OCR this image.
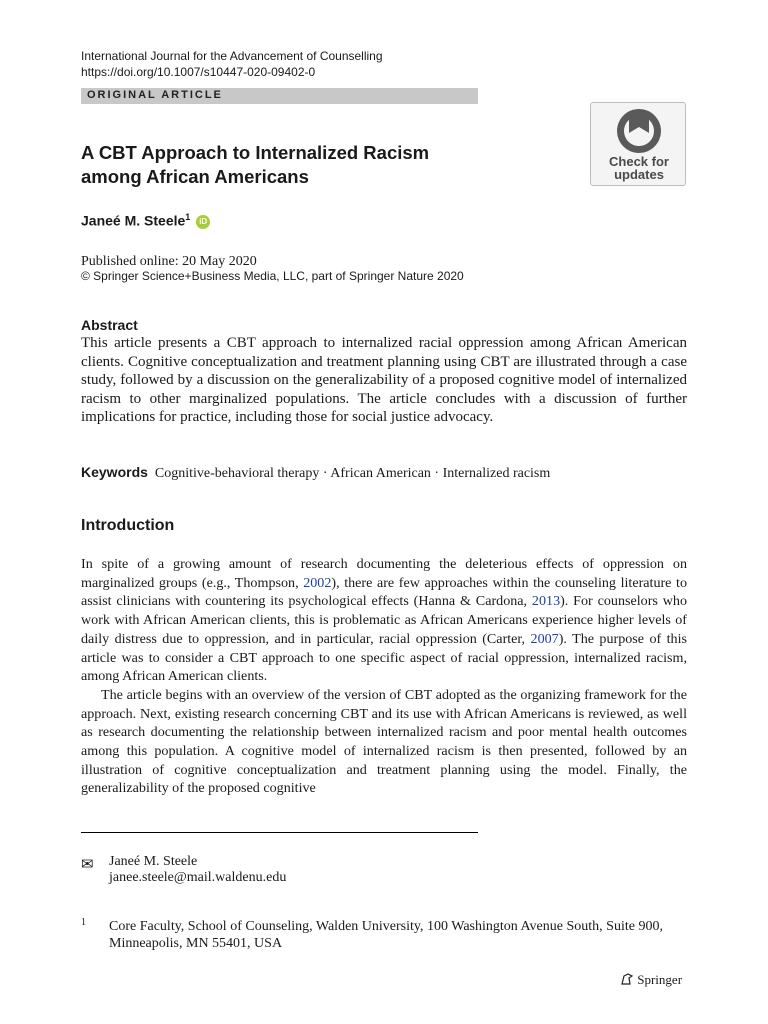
International Journal for the Advancement of Counselling
https://doi.org/10.1007/s10447-020-09402-0
ORIGINAL ARTICLE
Check for
updates
A CBT Approach to Internalized Racism
among African Americans
Janeé M. Steele$^1$ iD
Published online: 20 May 2020
© Springer Science+Business Media, LLC, part of Springer Nature 2020
Abstract
This article presents a CBT approach to internalized racial oppression among African American clients. Cognitive conceptualization and treatment planning using CBT are illustrated through a case study, followed by a discussion on the generalizability of a proposed cognitive model of internalized racism to other marginalized populations. The article concludes with a discussion of further implications for practice, including those for social justice advocacy.
Keywords Cognitive-behavioral therapy · African American · Internalized racism
Introduction

In spite of a growing amount of research documenting the deleterious effects of oppression on marginalized groups (e.g., Thompson, 2002), there are few approaches within the counseling literature to assist clinicians with countering its psychological effects (Hanna & Cardona, 2013). For counselors who work with African American clients, this is problematic as African Americans experience higher levels of daily distress due to oppression, and in particular, racial oppression (Carter, 2007). The purpose of this article was to consider a CBT approach to one specific aspect of racial oppression, internalized racism, among African American clients.

The article begins with an overview of the version of CBT adopted as the organizing framework for the approach. Next, existing research concerning CBT and its use with African Americans is reviewed, as well as research documenting the relationship between internalized racism and poor mental health outcomes among this population. A cognitive model of internalized racism is then presented, followed by an illustration of cognitive conceptualization and treatment planning using the model. Finally, the generalizability of the proposed cognitive

✉ Janeé M. Steele
janee.steele@mail.waldenu.edu
1 Core Faculty, School of Counseling, Walden University, 100 Washington Avenue South, Suite 900, Minneapolis, MN 55401, USA
Springer
